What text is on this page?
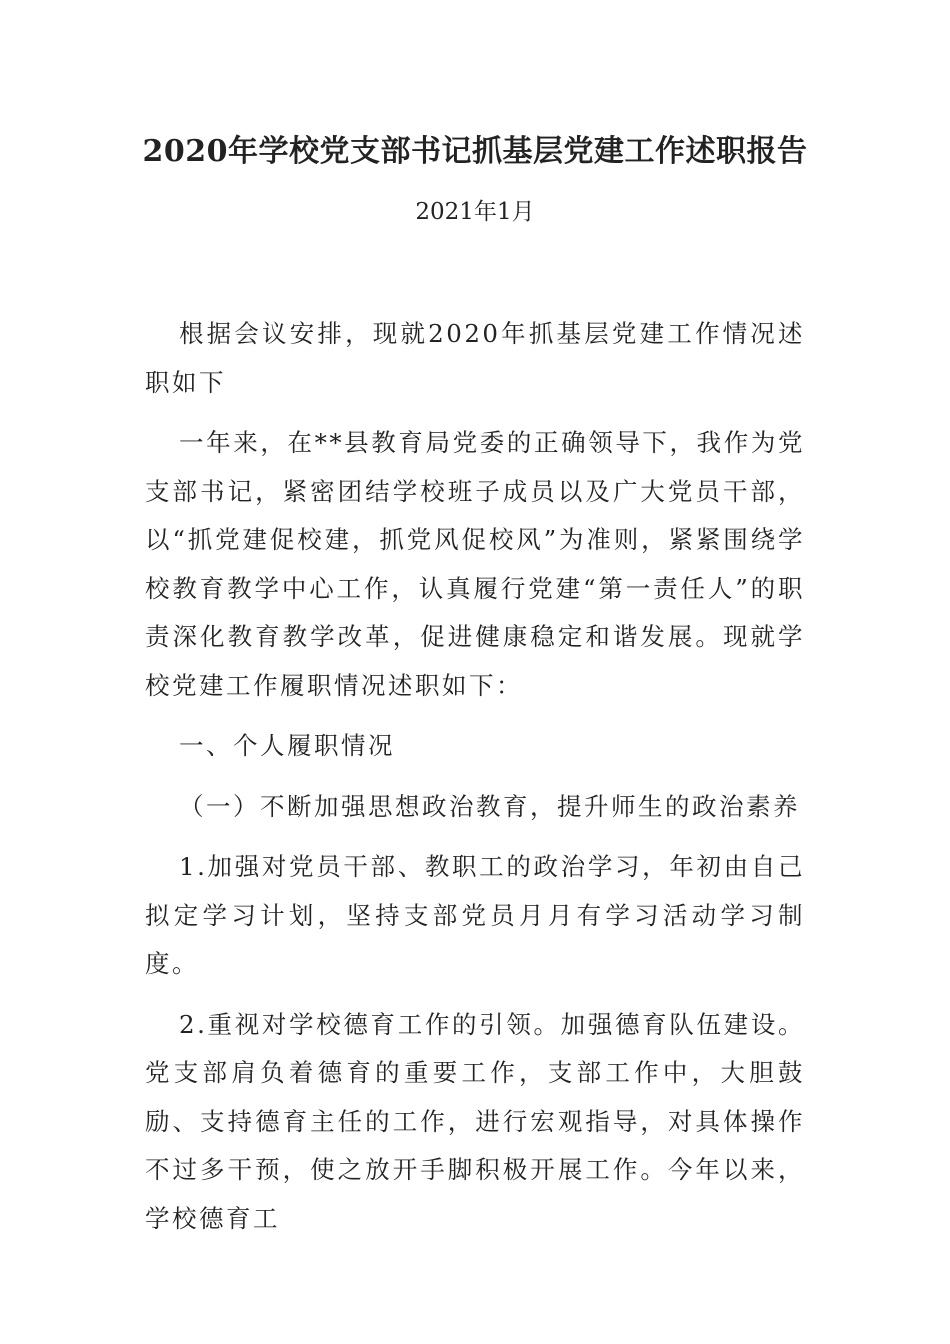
2020年学校党支部书记抓基层党建工作述职报告
2021年1月

根据会议安排，现就2020年抓基层党建工作情况述职如下

一年来，在**县教育局党委的正确领导下，我作为党支部书记，紧密团结学校班子成员以及广大党员干部，以“抓党建促校建，抓党风促校风”为准则，紧紧围绕学校教育教学中心工作，认真履行党建“第一责任人”的职责深化教育教学改革，促进健康稳定和谐发展。现就学校党建工作履职情况述职如下：

一、个人履职情况

（一）不断加强思想政治教育，提升师生的政治素养

1.加强对党员干部、教职工的政治学习，年初由自己拟定学习计划，坚持支部党员月月有学习活动学习制度。

2.重视对学校德育工作的引领。加强德育队伍建设。党支部肩负着德育的重要工作，支部工作中，大胆鼓励、支持德育主任的工作，进行宏观指导，对具体操作不过多干预，使之放开手脚积极开展工作。今年以来，学校德育工
